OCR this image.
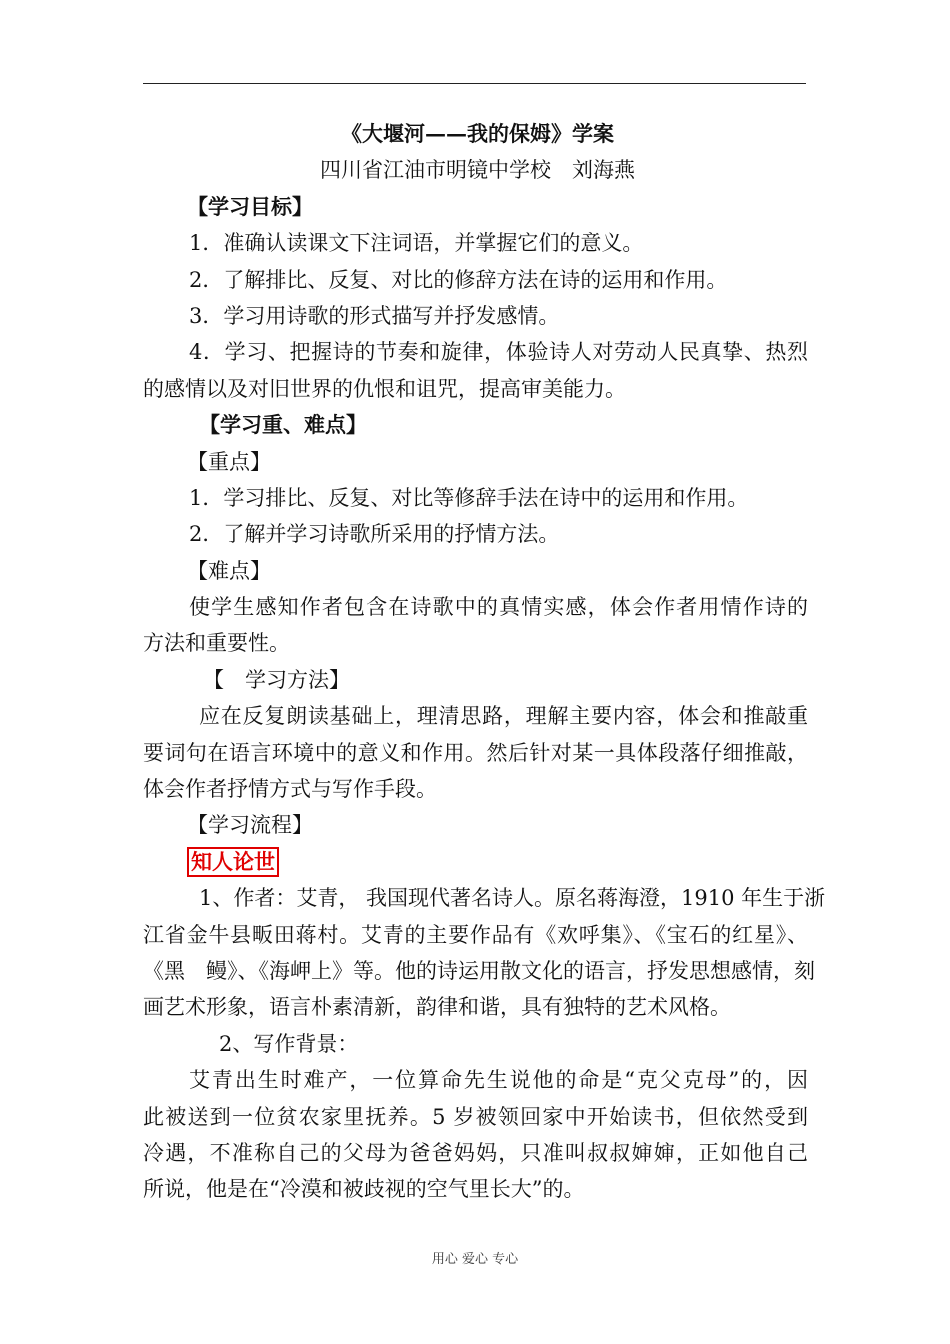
《大堰河——我的保姆》学案
四川省江油市明镜中学校　刘海燕
【学习目标】
1．准确认读课文下注词语，并掌握它们的意义。
2．了解排比、反复、对比的修辞方法在诗的运用和作用。
3．学习用诗歌的形式描写并抒发感情。
4．学习、把握诗的节奏和旋律，体验诗人对劳动人民真挚、热烈
的感情以及对旧世界的仇恨和诅咒，提高审美能力。
【学习重、难点】
【重点】
1．学习排比、反复、对比等修辞手法在诗中的运用和作用。
2．了解并学习诗歌所采用的抒情方法。
【难点】
使学生感知作者包含在诗歌中的真情实感，体会作者用情作诗的
方法和重要性。
【　学习方法】
应在反复朗读基础上，理清思路，理解主要内容，体会和推敲重
要词句在语言环境中的意义和作用。然后针对某一具体段落仔细推敲，
体会作者抒情方式与写作手段。
【学习流程】
知人论世
1、作者：艾青， 我国现代著名诗人。原名蒋海澄，1910 年生于浙
江省金牛县畈田蒋村。艾青的主要作品有《欢呼集》、《宝石的红星》、
《黑　鳗》、《海岬上》等。他的诗运用散文化的语言，抒发思想感情，刻
画艺术形象，语言朴素清新，韵律和谐，具有独特的艺术风格。
2、写作背景：
艾青出生时难产，一位算命先生说他的命是“克父克母”的，因
此被送到一位贫农家里抚养。5 岁被领回家中开始读书，但依然受到
冷遇，不准称自己的父母为爸爸妈妈，只准叫叔叔婶婶，正如他自己
所说，他是在“冷漠和被歧视的空气里长大”的。
用心 爱心 专心
